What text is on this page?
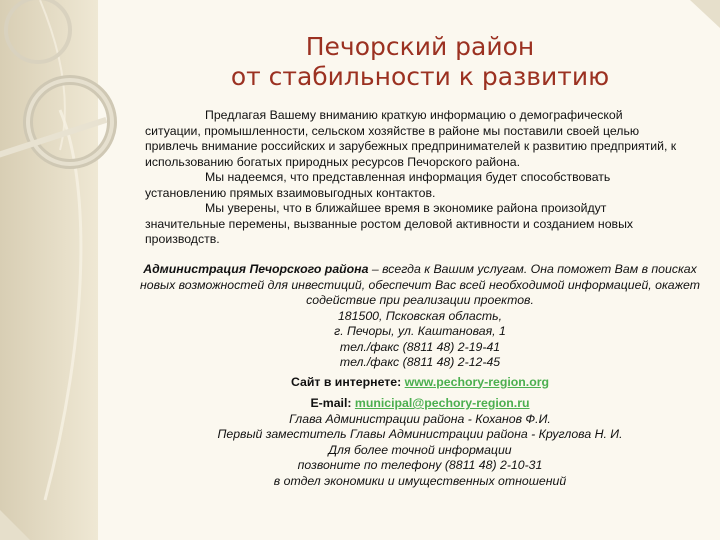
Печорский район
от стабильности к развитию

Предлагая Вашему вниманию краткую информацию о демографической ситуации, промышленности, сельском хозяйстве в районе мы поставили своей целью привлечь внимание российских и зарубежных предпринимателей к развитию предприятий, к использованию богатых природных ресурсов Печорского района.

Мы надеемся, что представленная информация будет способствовать установлению прямых взаимовыгодных контактов.

Мы уверены, что в ближайшее время в экономике района произойдут значительные перемены, вызванные ростом деловой активности и созданием новых производств.

Администрация Печорского района – всегда к Вашим услугам. Она поможет Вам в поисках новых возможностей для инвестиций, обеспечит Вас всей необходимой информацией, окажет содействие при реализации проектов.

181500, Псковская область,

г. Печоры, ул. Каштановая, 1

тел./факс (8811 48) 2-19-41

тел./факс (8811 48) 2-12-45

Сайт в интернете: www.pechory-region.org

E-mail: municipal@pechory-region.ru

Глава Администрации района - Коханов Ф.И.

Первый заместитель Главы Администрации района - Круглова Н. И.

Для более точной информации

позвоните по телефону (8811 48) 2-10-31

в отдел экономики и имущественных отношений
